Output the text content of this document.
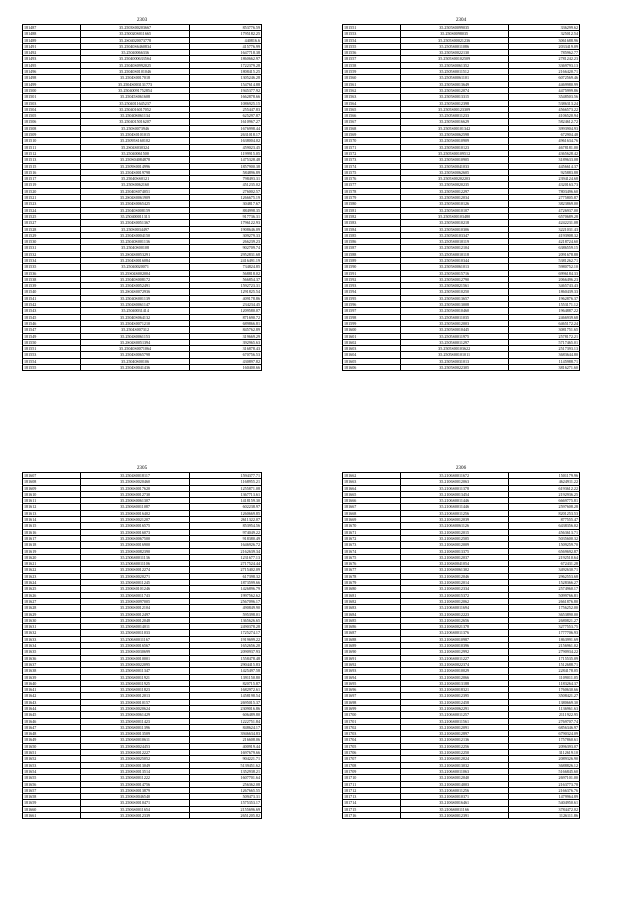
2303
181487	35.2503S00203667	853776.59
181488	35.250020S011665	1795182.25
181489	35.2S04020073778	440816.6
181491	35.25040S6460834	415776.99
181492	35.25040066336	1647718.38
181493	35.25040006335S4	1860662.97
181495	35.25040S0992025	1722379.28
181496	35.25040S0101046	1808415.25
181498	35.2504S0017018	1305246.28
181499	35.2504S003131773	1547614.88
181500	35.25040091752854	1945377.92
181501	35.25045S061608	1662878.66
181503	35.2504011645237	1086925.15
181504	35.2504016017052	255447.83
181505	35.25040S061134	625297.87
181506	35.2504015016207	1610967.27
181508	35.250S0073946	1676998.44
181509	35.2504S0101015	2631018.17
181510	35.25095S160102	1638004.02
181511	35.2S04S030324	459023.45
181512	35.25040061500	1199915.05
181513	35.250S04084878	1475328.48
181515	35.2509S0014996	1857900.38
181516	35.2504S0019798	584896.89
181517	35.25040SS0121	798493.31
181519	35.250S0062160	451235.02
181520	35.25040S074051	276002.57
181521	35.2S04S0061909	1266675.19
181523	35.2504S0065425	304817.67
181524	35.25040S008159	884998.35
181525	35.250400011313	917736.31
181527	35.2504S0051367	1796122.93
181528	35.250S0034497	1908646.09
181529	35.2504S0004150	309279.33
181530	35.25040S001136	266239.23
181531	35.25040S00108	902709.74
181532	35.2S04S0053291	2952831.68
181534	35.2504S0016084	2416491.19
181535	35.25040020071	734824.85
181536	35.25S04S002004	568818.02
181538	35.25040S008172	566854.37
181539	35.2504S0052491	1592723.31
181540	35.2S04S0072936	1291825.54
181541	35.25040S001139	409178.86
181542	35.2504S0061147	234234.45
181543	35.25040031414	1209580.07
181545	35.25040S064132	871690.72
181546	35.2504S0071210	689866.81
181547	35.2504S007312	845762.89
181549	35.2504S0061153	319669.29
181550	35.2S04S0051394	392965.63
181551	35.25040S0071064	316878.43
181553	35.2504S0065798	670756.53
181554	35.25040S00106	430897.82
181555	35.2504S0041436	160400.66
2304
181551	35.2505S0099035	336299.62
181553	35.250S0098035	325012.54
181554	35.2505S00021236	3061688.96
181555	35.2505S0011086	2033419.09
181556	35.2505S0022130	785962.77
181557	35.2505S00102509	2781242.23
181558	35.2505S0061352	3369793.13
181559	35.2505S0011512	2166420.71
181560	35.2505S0061101	6072569.46
181561	35.2505S0013649	4469980.99
181562	35.2505S0012074	4475999.86
181563	35.2505S0013315	3548503.56
181564	35.2505S0012398	5386313.24
181565	35.2505S00123309	4566573.22
181566	35.2505S0011233	4106520.94
181567	35.2505S0016629	5824612.72
181568	35.2505S00101342	3993904.93
181569	35.2505S0062598	672904.48
181570	35.2505S0010909	4961634.76
181571	35.2505S0010123	4678181.00
181572	35.2505S00109512	4365628.42
181573	35.2505S0010905	3189633.08
181574	35.2505S0041033	4456614.37
181575	35.2505S0062605	925883.88
181576	35.2505S00202203	2394124.68
181577	35.2505S0020235	4320163.73
181578	35.2505S0012297	7803496.60
181579	35.2505S0012034	2775805.87
181580	35.2505S0010126	3823869.00
181581	35.2505S0010107	4726937.00
181582	35.2505S00103480	6570689.28
181583	35.2505S0010218	4242231.08
181584	35.2505S0010306	3221031.43
181585	35.2505S0103347	4193908.32
181586	35.2505S0010119	4218724.60
181587	35.2505S0012104	6386559.15
181588	35.2505S0010118	2091678.88
181589	35.2505S0010344	5381262.71
181590	35.2505S0061013	5980752.10
181591	35.2505S0015716	6996184.33
181592	35.2505S0012790	2066496.23
181593	35.2505S0021561	3465743.43
181594	35.2505S0010250	1860439.33
181595	35.2505S0013657	1962876.37
181596	35.2505S0013008	1553171.12
181597	35.2505S0010460	1964887.22
181598	35.2505S0011035	2466939.68
181599	35.2505S0012003	6465172.24
181600	35.2505S0010445	3081751.65
181601	35.2505S0011975	2578172.21
181602	35.2505S0011297	5717465.01
181603	35.2505S00103622	2517393.13
181604	35.2505S00101011	3683644.80
181605	35.2505S0031013	1145988.71
181606	35.2505S0022305	3816271.60
2305
181607	35.2504S0018117	1594377.71
181608	35.2506S0020460	1168955.21
181609	35.2506S0017620	1255871.08
181610	35.2506S0012730	1367713.61
181611	35.2506S0061307	1418159.30
181612	35.2506S0011087	602238.97
181613	35.2506S0016402	1260669.85
181614	35.2506S0021207	2611322.07
181615	35.2506S0016575	853954.56
181616	35.2506S0016073	974049.22
181617	35.2506S0067500	918380.49
181618	35.2506S0016900	1646926.72
181619	35.2506S0082390	2162639.34
181620	35.2506S0011136	1231677.13
181621	35.2506S0011106	2717524.44
181622	35.2506S0012274	2715402.09
181623	35.2506S0020271	617398.32
181624	35.2506S0011245	1873599.66
181625	35.2506S0101246	1426896.79
181626	35.2506S0011743	1997562.62
181627	35.2506S0097005	2567096.17
181628	35.2506S0012104	490849.90
181629	35.2506S0012497	595398.01
181630	35.2506S0012048	1365626.65
181631	35.2506S0014011	2490378.28
181632	35.2506S0011033	1725274.17
181633	35.2506S0011167	1919699.22
181634	35.2506S0016567	1652656.20
181635	35.2506S0030699	2090937.93
181636	35.2506S0010001	1558478.48
181637	35.2506S0022095	2904415.83
181638	35.2506S0011347	1425497.58
181639	35.2506S0011921	1391150.80
181640	35.2506S0011925	820715.87
181641	35.2506S0011823	1682972.61
181642	35.2506S0012013	1458198.54
181643	35.2506S0010157	2695015.37
181644	35.2506S0020624	2309016.86
181645	35.2506S0061429	606489.80
181646	35.2506S0011423	1222751.84
181647	35.2506S0011396	848624.17
181648	35.2506S0013509	3946634.83
181649	35.2506S0010611	216608.06
181650	35.2506S0024453	400919.44
181651	35.2506S0012227	1697679.66
181652	35.2506S0025052	904221.71
181653	35.2506S0013049	5139451.62
181654	35.2506S0013514	1352938.21
181655	35.2506S0011222	1607701.64
181656	35.2506S0014756	256362.08
181657	35.2506S0013879	1267665.55
181658	35.2506S0046540	509473.31
181659	35.2506S0010471	1575353.17
181660	35.2506S0011654	2155696.69
181661	35.2506S0012339	2651205.82
2306
181662	35.2106S0011672	1501179.96
181663	35.2106S0012063	4624911.22
181664	35.2106S0011378	6193612.22
181665	35.2106S0013454	2192936.25
181666	35.2106S0011446	6669775.81
181667	35.2106S0011446	2597608.28
181668	35.2106S0011256	8201253.53
181669	35.2106S0012039	877555.47
181670	35.2106S0061126	6438356.02
181671	35.2106S0012015	4563613.71
181672	35.2106S0012505	5035600.32
181673	35.2106S0012009	1509259.70
181674	35.2106S0013375	6569692.87
181675	35.2106S0012037	2192510.64
181676	35.2106S0041054	672431.28
181677	35.2106S0061302	3492630.71
181678	35.2106S0012046	2962553.68
181679	35.2106S0012014	1528366.27
181680	35.2106S0012334	2574960.17
181681	35.2106S0015372	5099766.81
181682	35.2106S0012062	2661876.80
181683	35.2106S0011694	1756252.00
181684	35.2106S0012223	3653890.00
181685	35.2106S0012656	2680821.27
181686	35.2106S0021378	3277553.75
181687	35.2106S0011376	1777706.93
181688	35.2106S0010987	1863991.69
181689	35.2106S0010396	2156961.02
181690	35.2106S0012992	2790934.22
181691	35.2106S0011227	1715535.09
181692	35.2106S0022374	1512688.71
181693	35.2106S0010029	2284178.05
181694	35.2106S0012066	1109011.05
181695	35.2106S0013188	1183264.37
181696	35.2106S0018321	1760630.66
181697	35.2106S0012395	3508421.27
181698	35.2106S0012458	1380669.30
181699	35.2106S0062291	1136961.63
181700	35.2106S0011257	2111922.95
181701	35.2106S0011561	2769707.74
181702	35.2106S0012091	6856346.97
181703	35.2106S0012897	6790324.09
181704	35.2106S0012136	1757860.61
181705	35.2106S0012256	2096393.07
181706	35.2106S0012250	3112619.10
181707	35.2106S0012024	2089326.90
181708	35.2106S0013032	3688826.12
181709	35.2106S0011063	5166845.60
181710	35.2106S0012040	2697101.00
181711	35.2106S0014003	2163773.78
181712	35.2106S0011256	2166376.76
181713	35.2106S0010371	1479964.89
181714	35.2106S0016461	5404950.61
181715	35.2106S0011166	3784472.02
181716	35.2106S0012391	1126111.86
